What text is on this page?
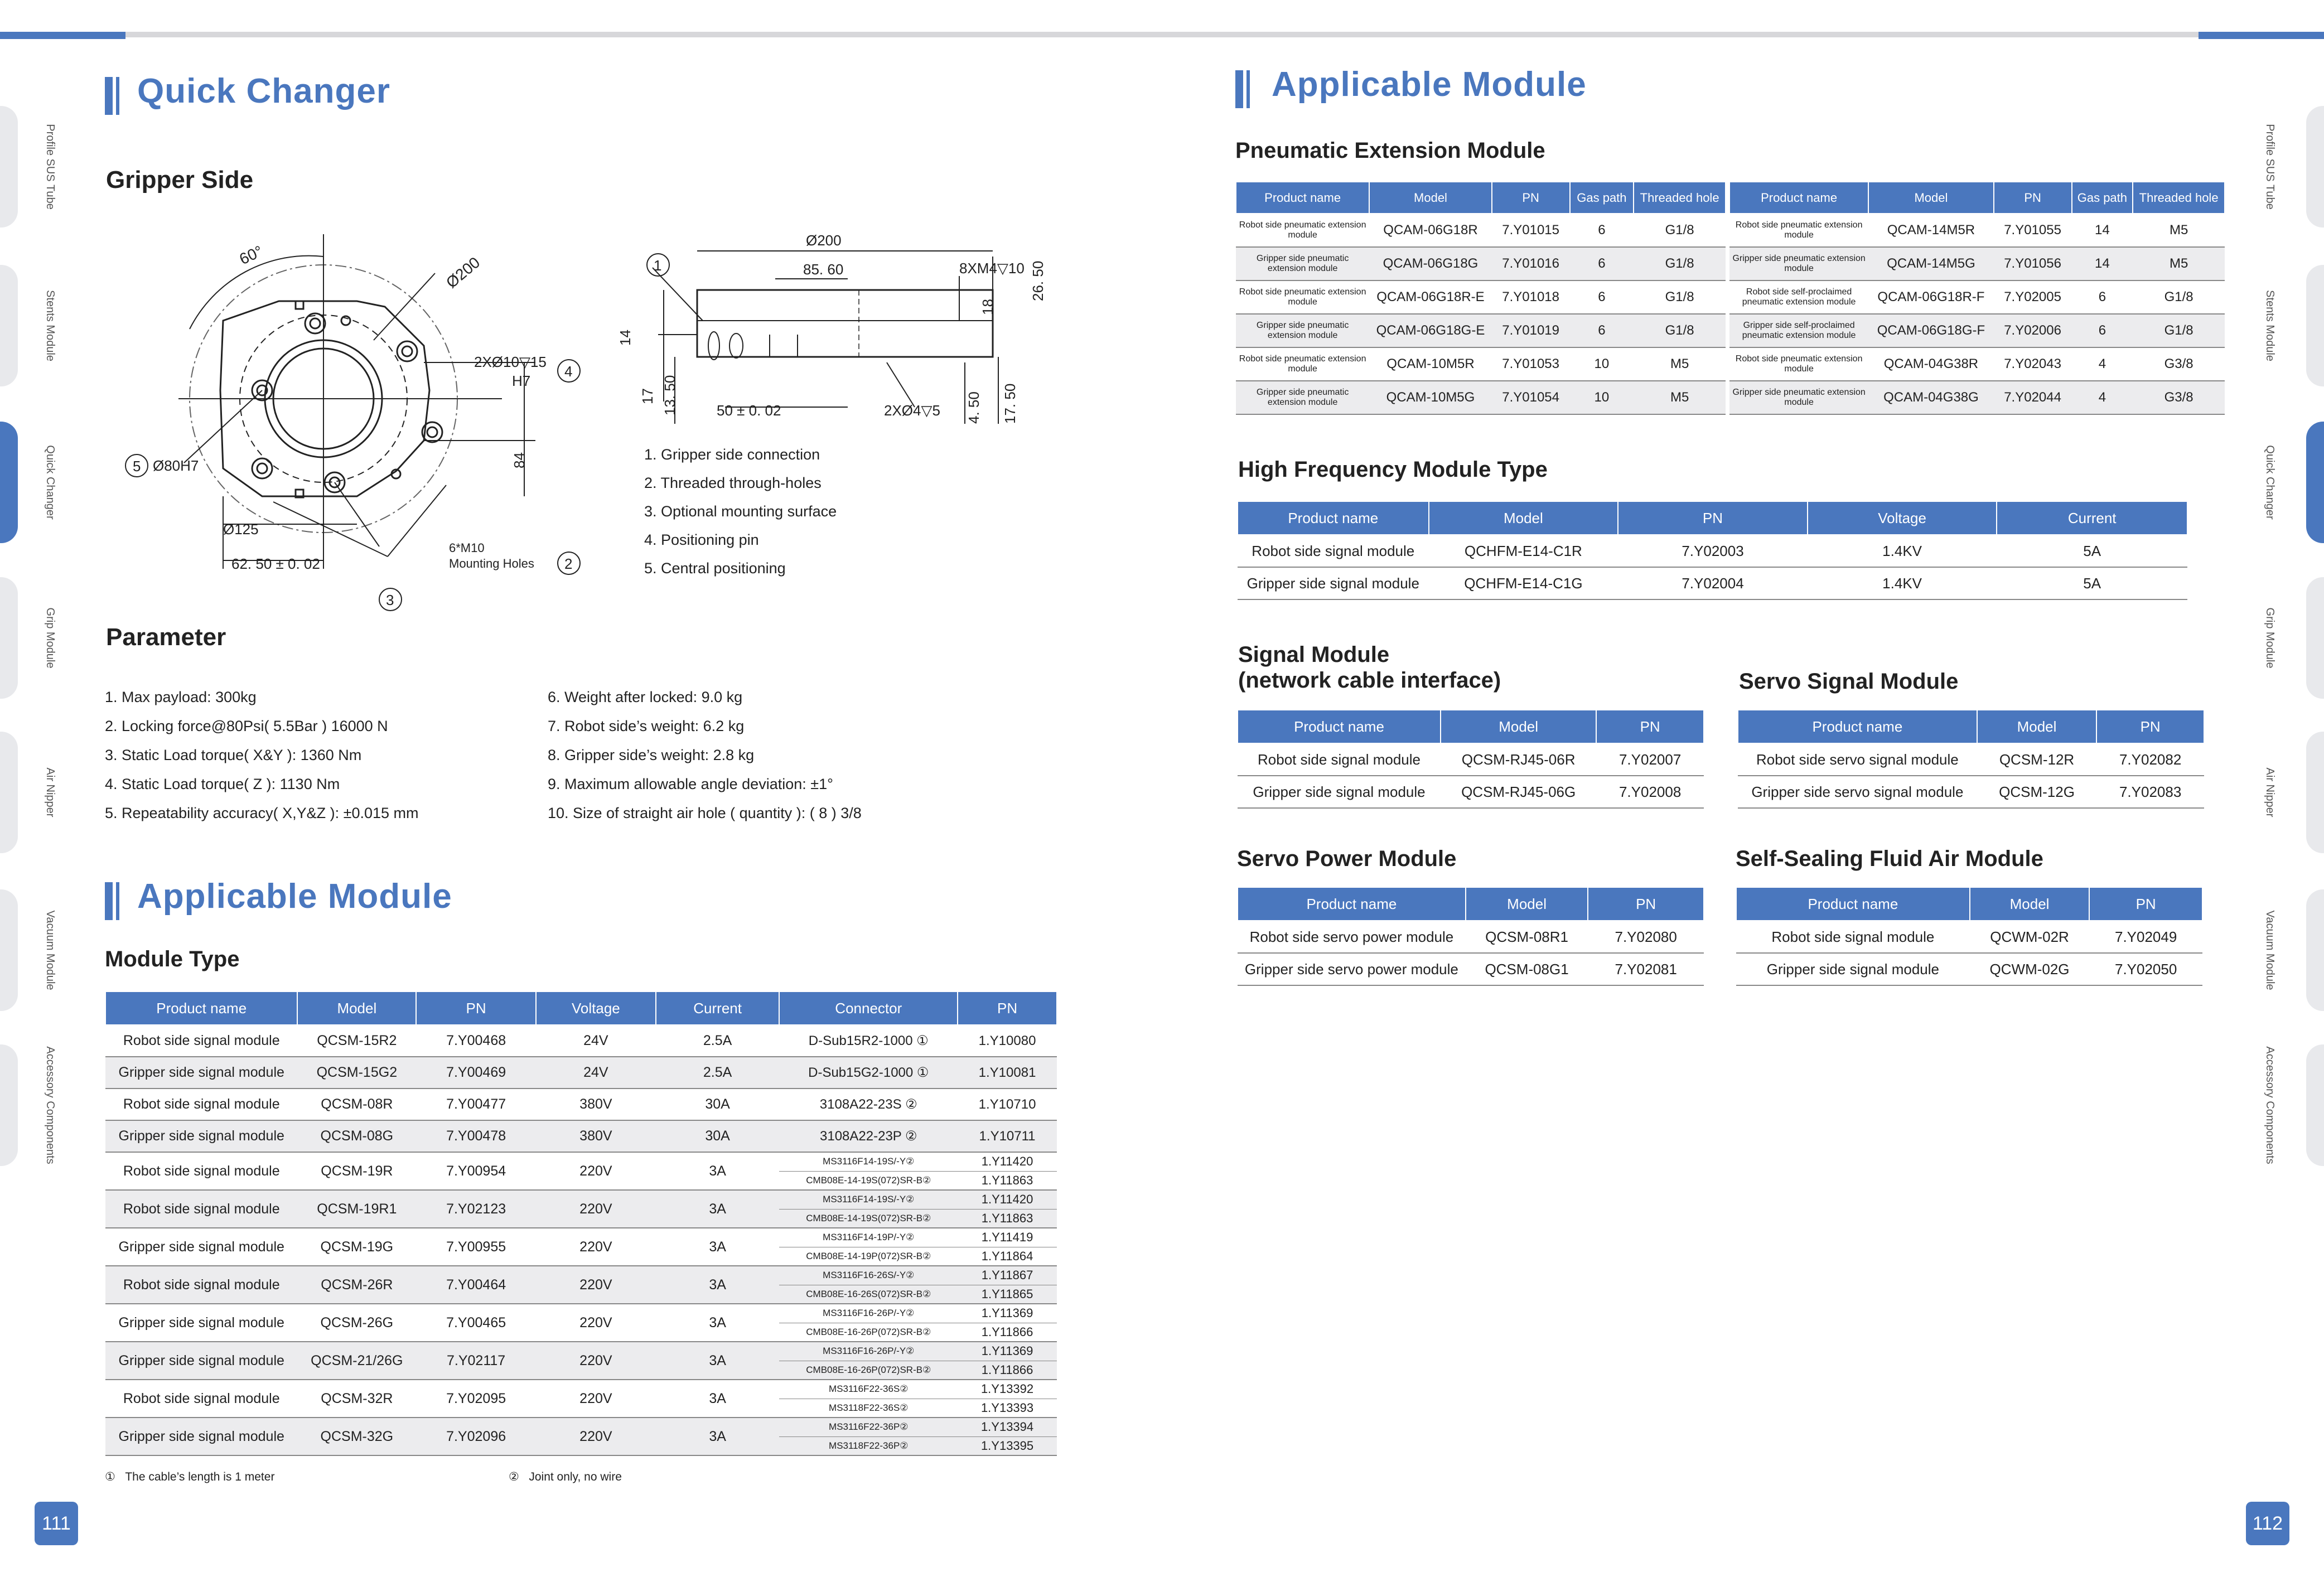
Profile SUS Tube
Stents Module
Quick Changer
Grip Module
Air Nipper
Vacuum Module
Accessory Components
Profile SUS Tube
Stents Module
Quick Changer
Grip Module
Air Nipper
Vacuum Module
Accessory Components
Quick Changer
Gripper Side
60°	Ø200
2XØ10▽15
H7
Ø80H7	84
Ø125
62. 50 ± 0. 02
6*M10
Mounting Holes
5
4
2
3
Ø200
85. 60	8XM4▽10 26. 50
18
14
17 13. 50	50 ± 0. 02	2XØ4▽5 4. 50 17. 50
1
1. Gripper side connection
2. Threaded through-holes
3. Optional mounting surface
4. Positioning pin
5. Central positioning
Parameter
1. Max payload: 300kg
2. Locking force@80Psi( 5.5Bar ) 16000 N
3. Static Load torque( X&Y ): 1360 Nm
4. Static Load torque( Z ): 1130 Nm
5. Repeatability accuracy( X,Y&Z ): ±0.015 mm
6. Weight after locked: 9.0 kg
7. Robot side’s weight: 6.2 kg
8. Gripper side’s weight: 2.8 kg
9. Maximum allowable angle deviation: ±1°
10. Size of straight air hole ( quantity ): ( 8 ) 3/8
Applicable Module
Module Type
Product name	Model	PN	Voltage	Current	Connector	PN
Robot side signal module	QCSM-15R2	7.Y00468	24V	2.5A	D-Sub15R2-1000 ①	1.Y10080
Gripper side signal module	QCSM-15G2	7.Y00469	24V	2.5A	D-Sub15G2-1000 ①	1.Y10081
Robot side signal module	QCSM-08R	7.Y00477	380V	30A	3108A22-23S ②	1.Y10710
Gripper side signal module	QCSM-08G	7.Y00478	380V	30A	3108A22-23P ②	1.Y10711
Robot side signal module	QCSM-19R	7.Y00954	220V	3A	MS3116F14-19S/-Y②	1.Y11420
					CMB08E-14-19S(072)SR-B②	1.Y11863
Robot side signal module	QCSM-19R1	7.Y02123	220V	3A	MS3116F14-19S/-Y②	1.Y11420
					CMB08E-14-19S(072)SR-B②	1.Y11863
Gripper side signal module	QCSM-19G	7.Y00955	220V	3A	MS3116F14-19P/-Y②	1.Y11419
					CMB08E-14-19P(072)SR-B②	1.Y11864
Robot side signal module	QCSM-26R	7.Y00464	220V	3A	MS3116F16-26S/-Y②	1.Y11867
					CMB08E-16-26S(072)SR-B②	1.Y11865
Gripper side signal module	QCSM-26G	7.Y00465	220V	3A	MS3116F16-26P/-Y②	1.Y11369
					CMB08E-16-26P(072)SR-B②	1.Y11866
Gripper side signal module	QCSM-21/26G	7.Y02117	220V	3A	MS3116F16-26P/-Y②	1.Y11369
					CMB08E-16-26P(072)SR-B②	1.Y11866
Robot side signal module	QCSM-32R	7.Y02095	220V	3A	MS3116F22-36S②	1.Y13392
					MS3118F22-36S②	1.Y13393
Gripper side signal module	QCSM-32G	7.Y02096	220V	3A	MS3116F22-36P②	1.Y13394
					MS3118F22-36P②	1.Y13395
① The cable’s length is 1 meter	② Joint only, no wire
111
Applicable Module
Pneumatic Extension Module
Product name	Model	PN	Gas path	Threaded hole
Robot side pneumatic extension module	QCAM-06G18R	7.Y01015	6	G1/8
Gripper side pneumatic extension module	QCAM-06G18G	7.Y01016	6	G1/8
Robot side pneumatic extension module	QCAM-06G18R-E	7.Y01018	6	G1/8
Gripper side pneumatic extension module	QCAM-06G18G-E	7.Y01019	6	G1/8
Robot side pneumatic extension module	QCAM-10M5R	7.Y01053	10	M5
Gripper side pneumatic extension module	QCAM-10M5G	7.Y01054	10	M5
Product name	Model	PN	Gas path	Threaded hole
Robot side pneumatic extension module	QCAM-14M5R	7.Y01055	14	M5
Gripper side pneumatic extension module	QCAM-14M5G	7.Y01056	14	M5
Robot side self-proclaimed pneumatic extension module	QCAM-06G18R-F	7.Y02005	6	G1/8
Gripper side self-proclaimed pneumatic extension module	QCAM-06G18G-F	7.Y02006	6	G1/8
Robot side pneumatic extension module	QCAM-04G38R	7.Y02043	4	G3/8
Gripper side pneumatic extension module	QCAM-04G38G	7.Y02044	4	G3/8
High Frequency Module Type
Product name	Model	PN	Voltage	Current
Robot side signal module	QCHFM-E14-C1R	7.Y02003	1.4KV	5A
Gripper side signal module	QCHFM-E14-C1G	7.Y02004	1.4KV	5A
Signal Module
(network cable interface)
Product name	Model	PN
Robot side signal module	QCSM-RJ45-06R	7.Y02007
Gripper side signal module	QCSM-RJ45-06G	7.Y02008
Servo Signal Module
Product name	Model	PN
Robot side servo signal module	QCSM-12R	7.Y02082
Gripper side servo signal module	QCSM-12G	7.Y02083
Servo Power Module
Product name	Model	PN
Robot side servo power module	QCSM-08R1	7.Y02080
Gripper side servo power module	QCSM-08G1	7.Y02081
Self-Sealing Fluid Air Module
Product name	Model	PN
Robot side signal module	QCWM-02R	7.Y02049
Gripper side signal module	QCWM-02G	7.Y02050
112
